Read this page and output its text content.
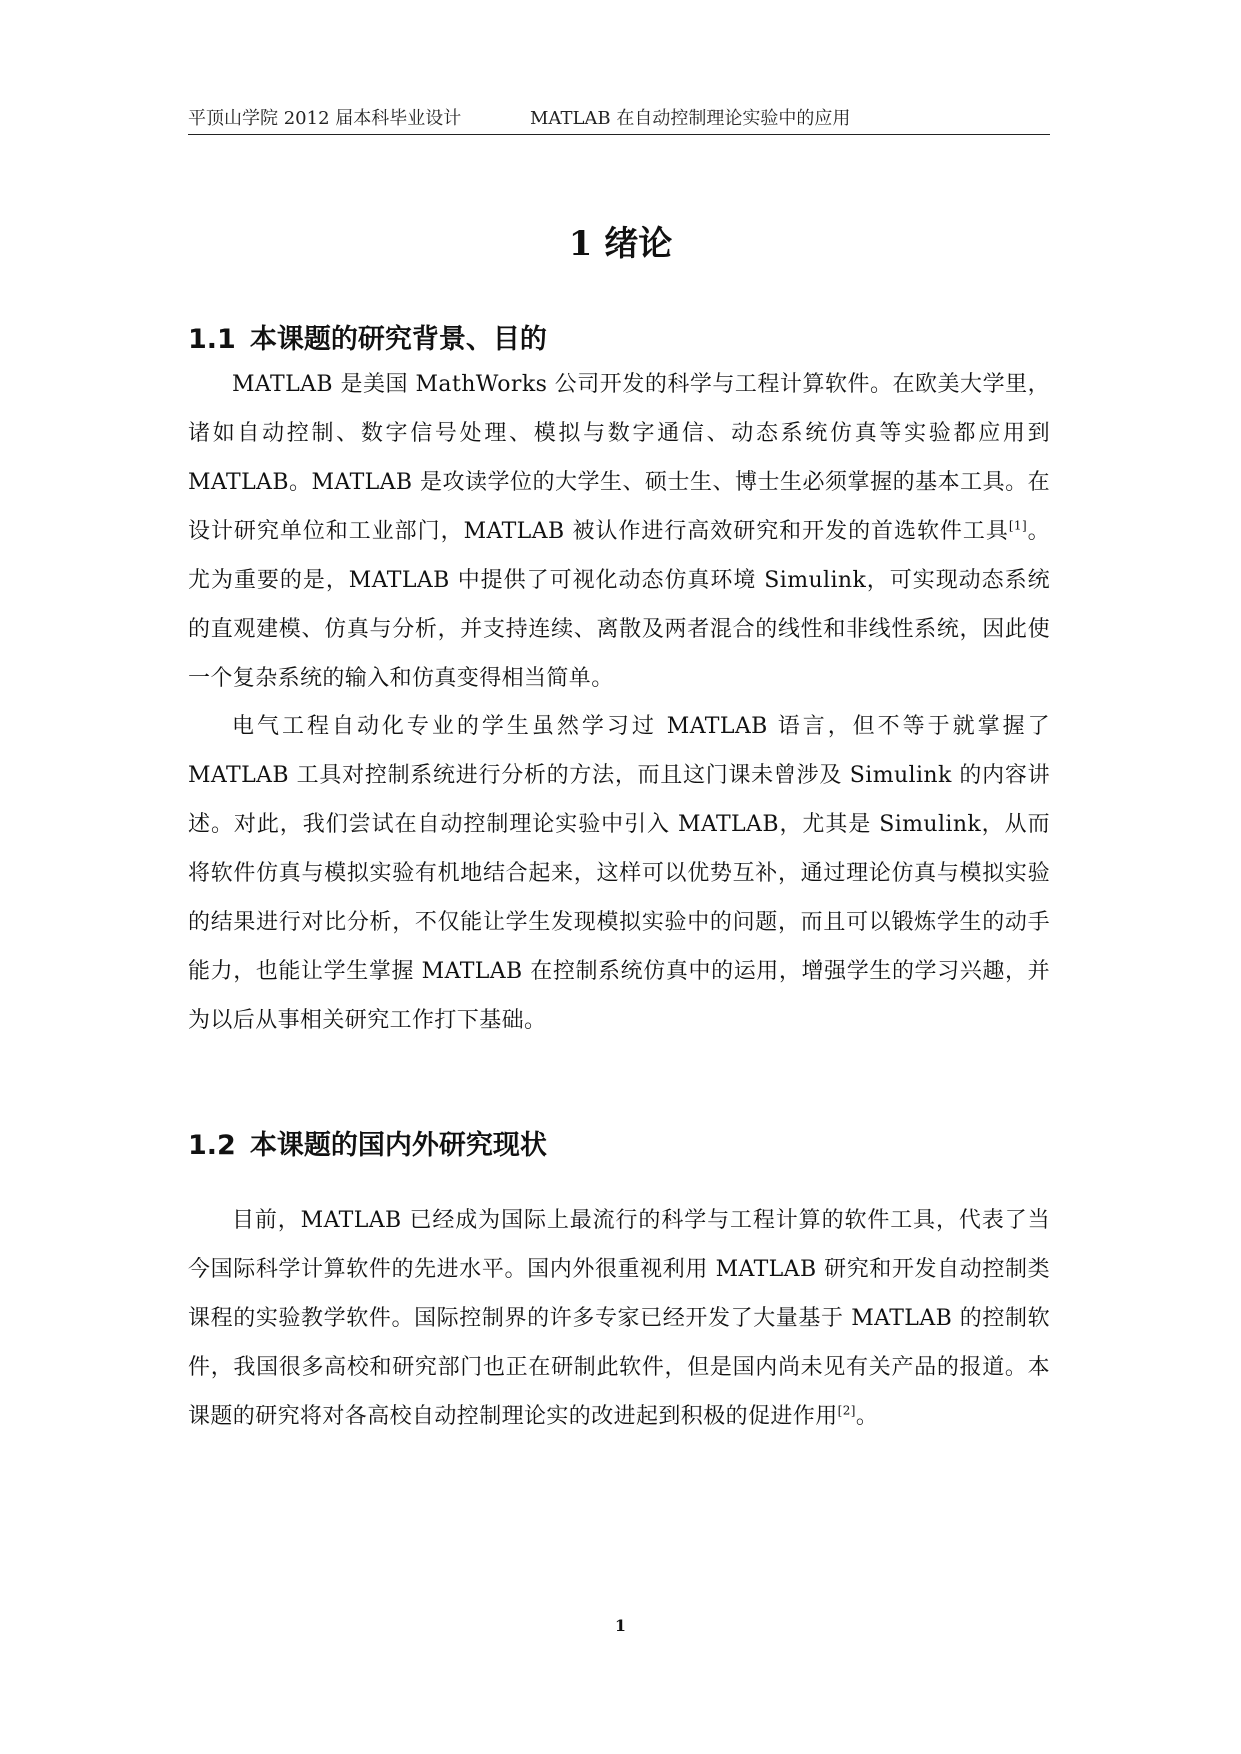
平顶山学院 2012 届本科毕业设计	MATLAB 在自动控制理论实验中的应用
1 绪论
1.1 本课题的研究背景、目的

MATLAB 是美国 MathWorks 公司开发的科学与工程计算软件。在欧美大学里，诸如自动控制、数字信号处理、模拟与数字通信、动态系统仿真等实验都应用到 MATLAB。MATLAB 是攻读学位的大学生、硕士生、博士生必须掌握的基本工具。在设计研究单位和工业部门，MATLAB 被认作进行高效研究和开发的首选软件工具[1]。尤为重要的是，MATLAB 中提供了可视化动态仿真环境 Simulink，可实现动态系统的直观建模、仿真与分析，并支持连续、离散及两者混合的线性和非线性系统，因此使一个复杂系统的输入和仿真变得相当简单。

电气工程自动化专业的学生虽然学习过 MATLAB 语言，但不等于就掌握了 MATLAB 工具对控制系统进行分析的方法，而且这门课未曾涉及 Simulink 的内容讲述。对此，我们尝试在自动控制理论实验中引入 MATLAB，尤其是 Simulink，从而将软件仿真与模拟实验有机地结合起来，这样可以优势互补，通过理论仿真与模拟实验的结果进行对比分析，不仅能让学生发现模拟实验中的问题，而且可以锻炼学生的动手能力，也能让学生掌握 MATLAB 在控制系统仿真中的运用，增强学生的学习兴趣，并为以后从事相关研究工作打下基础。

1.2 本课题的国内外研究现状

目前，MATLAB 已经成为国际上最流行的科学与工程计算的软件工具，代表了当今国际科学计算软件的先进水平。国内外很重视利用 MATLAB 研究和开发自动控制类课程的实验教学软件。国际控制界的许多专家已经开发了大量基于 MATLAB 的控制软件，我国很多高校和研究部门也正在研制此软件，但是国内尚未见有关产品的报道。本课题的研究将对各高校自动控制理论实的改进起到积极的促进作用[2]。

1
